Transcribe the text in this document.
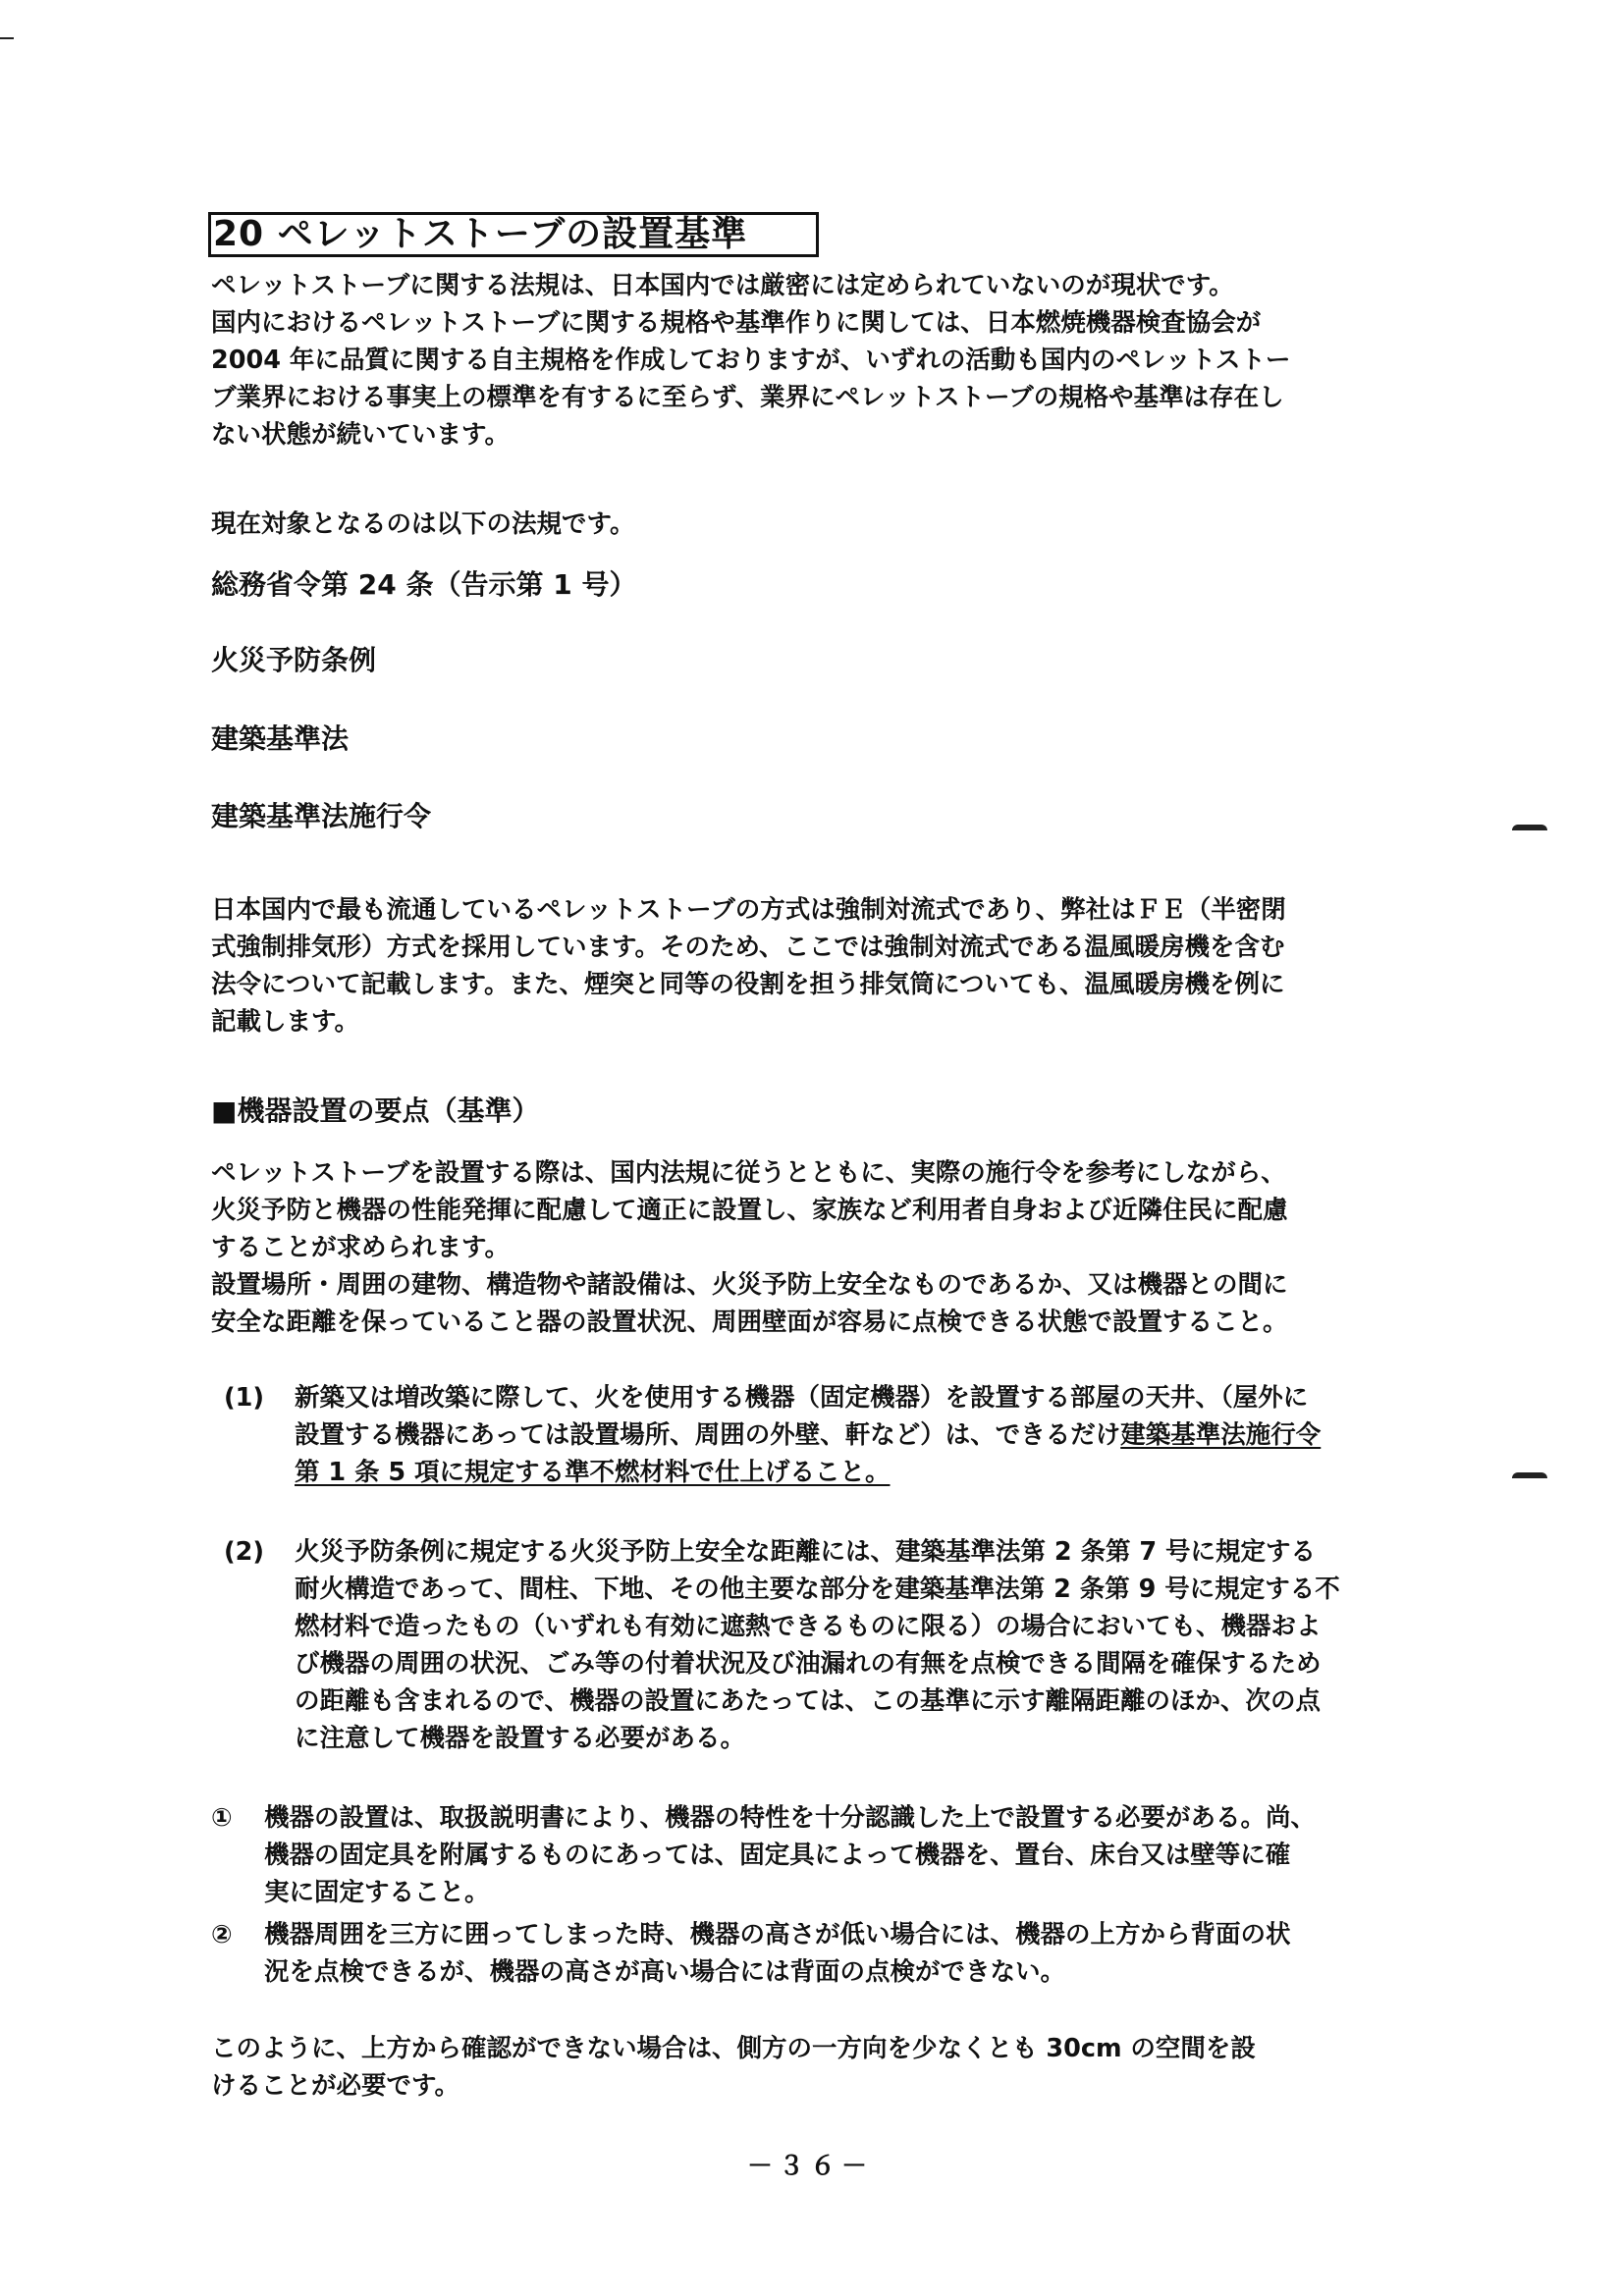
20 ペレットストーブの設置基準
ペレットストーブに関する法規は、日本国内では厳密には定められていないのが現状です。
国内におけるペレットストーブに関する規格や基準作りに関しては、日本燃焼機器検査協会が
2004 年に品質に関する自主規格を作成しておりますが、いずれの活動も国内のペレットストー
ブ業界における事実上の標準を有するに至らず、業界にペレットストーブの規格や基準は存在し
ない状態が続いています。
現在対象となるのは以下の法規です。
総務省令第 24 条（告示第 1 号）
火災予防条例
建築基準法
建築基準法施行令
日本国内で最も流通しているペレットストーブの方式は強制対流式であり、弊社はＦＥ（半密閉
式強制排気形）方式を採用しています。そのため、ここでは強制対流式である温風暖房機を含む
法令について記載します。また、煙突と同等の役割を担う排気筒についても、温風暖房機を例に
記載します。
■機器設置の要点（基準）
ペレットストーブを設置する際は、国内法規に従うとともに、実際の施行令を参考にしながら、
火災予防と機器の性能発揮に配慮して適正に設置し、家族など利用者自身および近隣住民に配慮
することが求められます。
設置場所・周囲の建物、構造物や諸設備は、火災予防上安全なものであるか、又は機器との間に
安全な距離を保っていること器の設置状況、周囲壁面が容易に点検できる状態で設置すること。
(1) 新築又は増改築に際して、火を使用する機器（固定機器）を設置する部屋の天井、（屋外に
設置する機器にあっては設置場所、周囲の外壁、軒など）は、できるだけ建築基準法施行令
第 1 条 5 項に規定する準不燃材料で仕上げること。
(2) 火災予防条例に規定する火災予防上安全な距離には、建築基準法第 2 条第 7 号に規定する
耐火構造であって、間柱、下地、その他主要な部分を建築基準法第 2 条第 9 号に規定する不
燃材料で造ったもの（いずれも有効に遮熱できるものに限る）の場合においても、機器およ
び機器の周囲の状況、ごみ等の付着状況及び油漏れの有無を点検できる間隔を確保するため
の距離も含まれるので、機器の設置にあたっては、この基準に示す離隔距離のほか、次の点
に注意して機器を設置する必要がある。
① 機器の設置は、取扱説明書により、機器の特性を十分認識した上で設置する必要がある。尚、
機器の固定具を附属するものにあっては、固定具によって機器を、置台、床台又は壁等に確
実に固定すること。
② 機器周囲を三方に囲ってしまった時、機器の高さが低い場合には、機器の上方から背面の状
況を点検できるが、機器の高さが高い場合には背面の点検ができない。
このように、上方から確認ができない場合は、側方の一方向を少なくとも 30cm の空間を設
けることが必要です。
－３６－
